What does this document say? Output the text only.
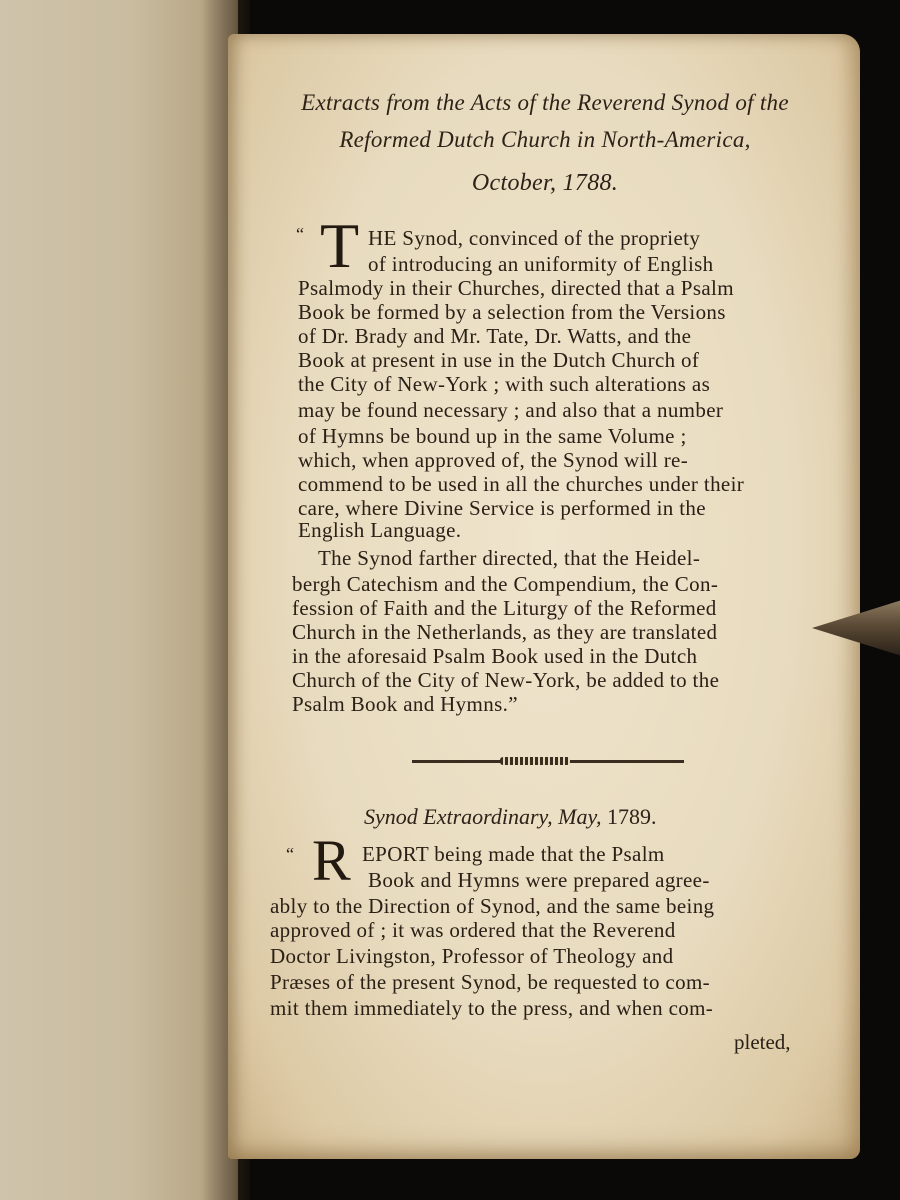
Extracts from the Acts of the Reverend Synod of the
Reformed Dutch Church in North-America,
October, 1788.
“ T HE Synod, convinced of the propriety
of introducing an uniformity of English
Psalmody in their Churches, directed that a Psalm
Book be formed by a selection from the Versions
of Dr. Brady and Mr. Tate, Dr. Watts, and the
Book at present in use in the Dutch Church of
the City of New-York ; with such alterations as
may be found necessary ; and also that a number
of Hymns be bound up in the same Volume ;
which, when approved of, the Synod will re-
commend to be used in all the churches under their
care, where Divine Service is performed in the
English Language.
The Synod farther directed, that the Heidel-
bergh Catechism and the Compendium, the Con-
fession of Faith and the Liturgy of the Reformed
Church in the Netherlands, as they are translated
in the aforesaid Psalm Book used in the Dutch
Church of the City of New-York, be added to the
Psalm Book and Hymns.”
Synod Extraordinary, May, 1789.
“ R EPORT being made that the Psalm
Book and Hymns were prepared agree-
ably to the Direction of Synod, and the same being
approved of ; it was ordered that the Reverend
Doctor Livingston, Professor of Theology and
Præses of the present Synod, be requested to com-
mit them immediately to the press, and when com-
pleted,
